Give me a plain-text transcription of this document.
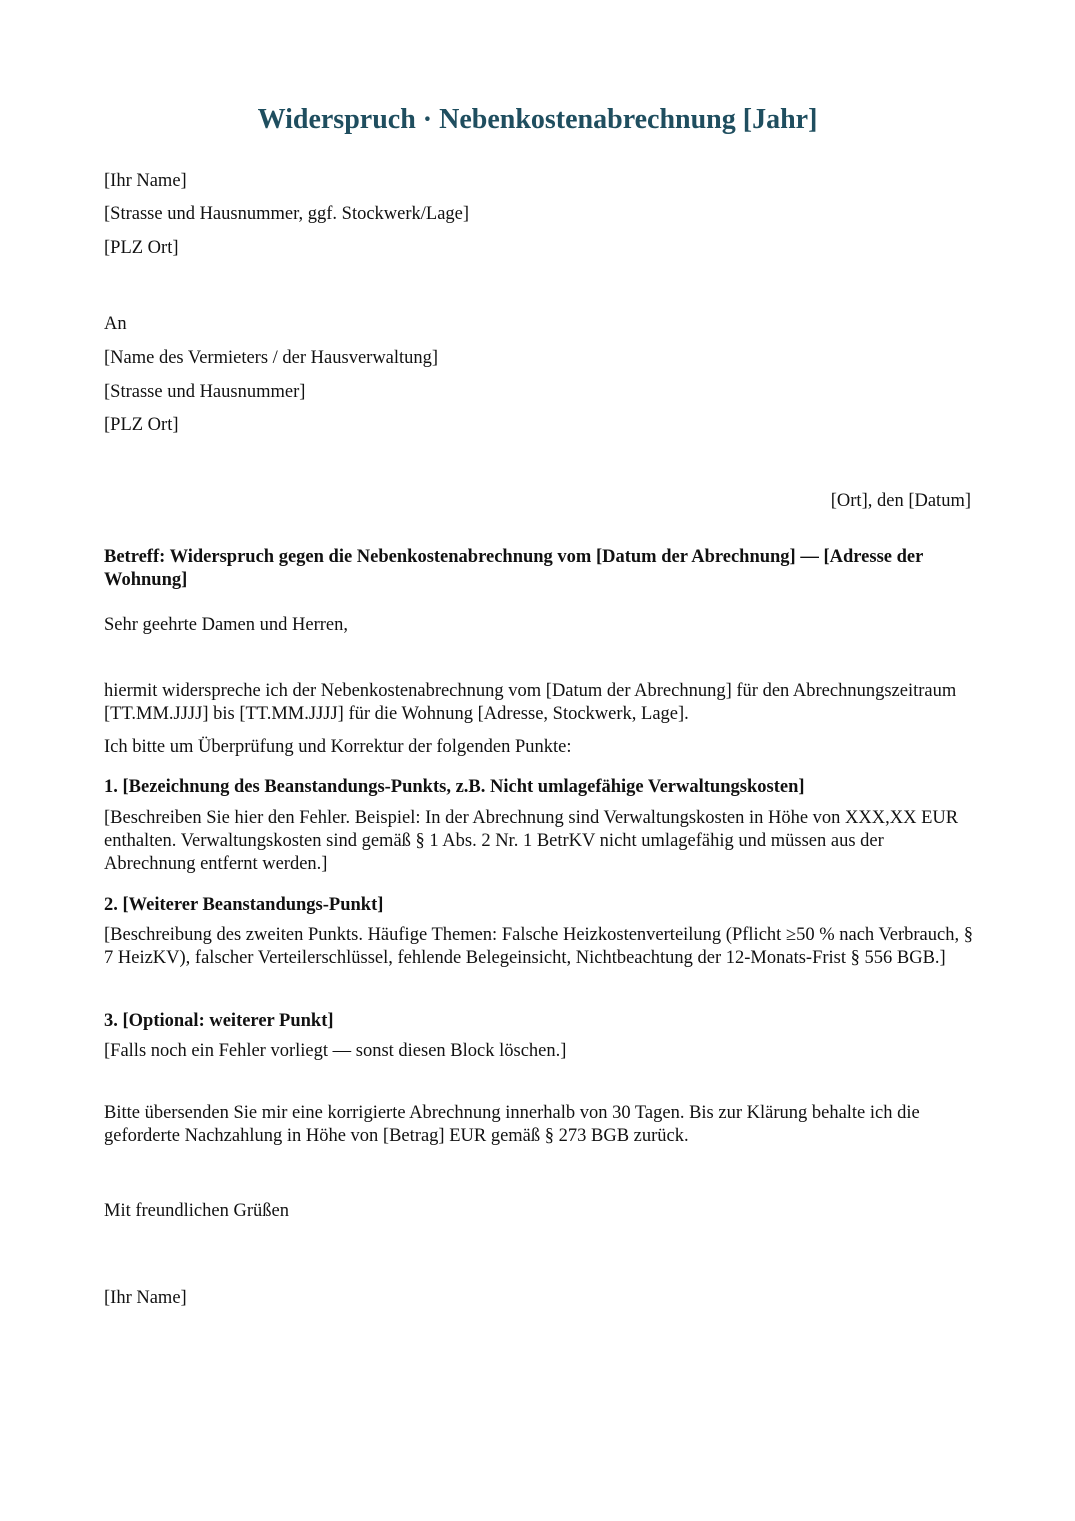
Widerspruch · Nebenkostenabrechnung [Jahr]
[Ihr Name]
[Strasse und Hausnummer, ggf. Stockwerk/Lage]
[PLZ Ort]
An
[Name des Vermieters / der Hausverwaltung]
[Strasse und Hausnummer]
[PLZ Ort]
[Ort], den [Datum]
Betreff: Widerspruch gegen die Nebenkostenabrechnung vom [Datum der Abrechnung] — [Adresse der Wohnung]
Sehr geehrte Damen und Herren,
hiermit widerspreche ich der Nebenkostenabrechnung vom [Datum der Abrechnung] für den Abrechnungszeitraum [TT.MM.JJJJ] bis [TT.MM.JJJJ] für die Wohnung [Adresse, Stockwerk, Lage].
Ich bitte um Überprüfung und Korrektur der folgenden Punkte:
1. [Bezeichnung des Beanstandungs-Punkts, z.B. Nicht umlagefähige Verwaltungskosten]
[Beschreiben Sie hier den Fehler. Beispiel: In der Abrechnung sind Verwaltungskosten in Höhe von XXX,XX EUR enthalten. Verwaltungskosten sind gemäß § 1 Abs. 2 Nr. 1 BetrKV nicht umlagefähig und müssen aus der Abrechnung entfernt werden.]
2. [Weiterer Beanstandungs-Punkt]
[Beschreibung des zweiten Punkts. Häufige Themen: Falsche Heizkostenverteilung (Pflicht ≥50 % nach Verbrauch, § 7 HeizKV), falscher Verteilerschlüssel, fehlende Belegeinsicht, Nichtbeachtung der 12-Monats-Frist § 556 BGB.]
3. [Optional: weiterer Punkt]
[Falls noch ein Fehler vorliegt — sonst diesen Block löschen.]
Bitte übersenden Sie mir eine korrigierte Abrechnung innerhalb von 30 Tagen. Bis zur Klärung behalte ich die geforderte Nachzahlung in Höhe von [Betrag] EUR gemäß § 273 BGB zurück.
Mit freundlichen Grüßen
[Ihr Name]
